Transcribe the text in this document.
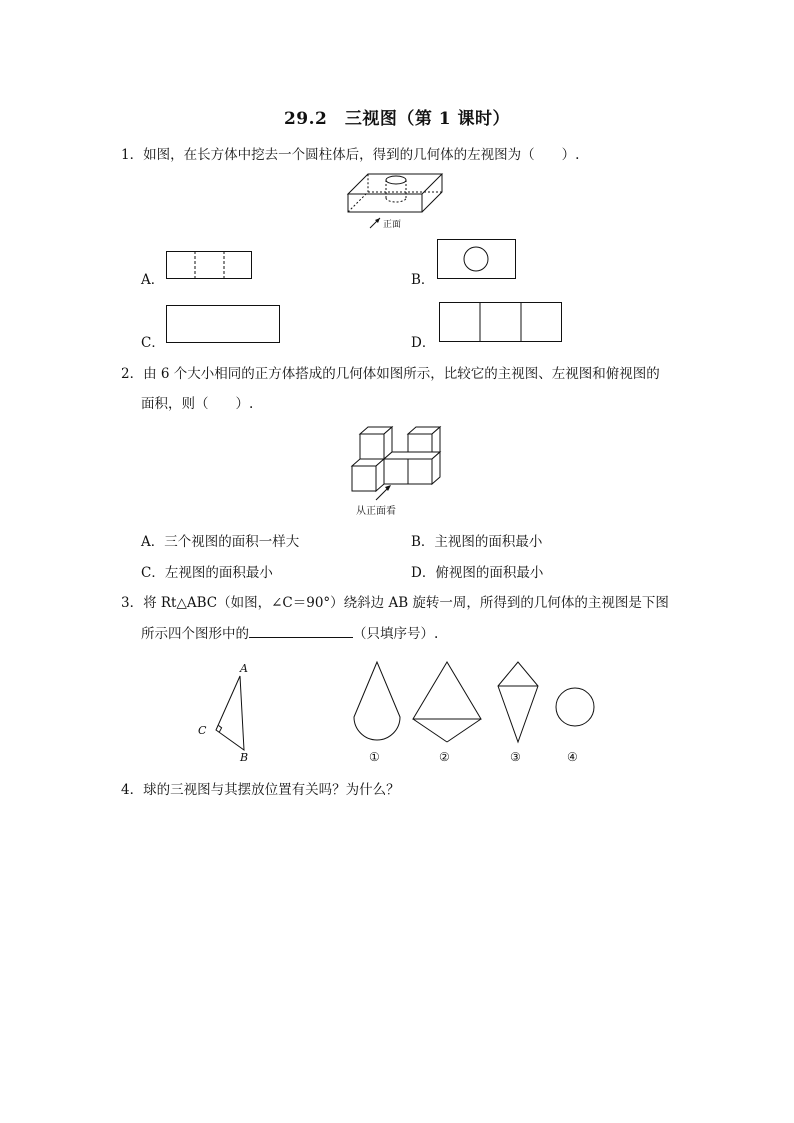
29.2　三视图（第 1 课时）
1．如图，在长方体中挖去一个圆柱体后，得到的几何体的左视图为（　　）.
正面
A．	B．
C．	D．
2．由 6 个大小相同的正方体搭成的几何体如图所示，比较它的主视图、左视图和俯视图的
面积，则（　　）.
从正面看
A．三个视图的面积一样大	B．主视图的面积最小
C．左视图的面积最小	D．俯视图的面积最小
3．将 Rt△ABC（如图，∠C＝90°）绕斜边 AB 旋转一周，所得到的几何体的主视图是下图
所示四个图形中的	（只填序号）.
A
C
B	①	②	③	④
4．球的三视图与其摆放位置有关吗？为什么？
